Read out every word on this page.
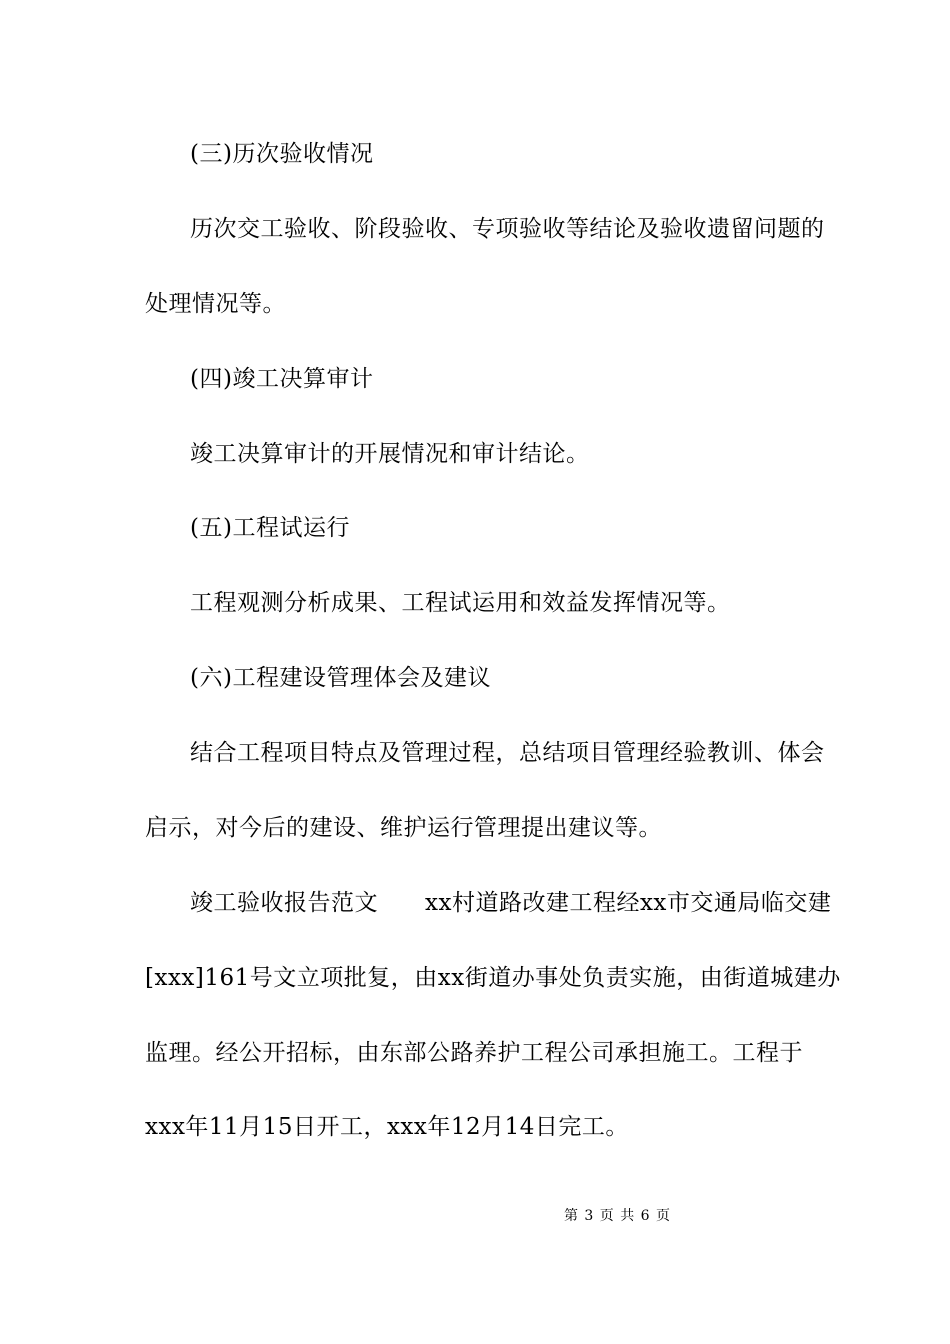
(三)历次验收情况
历次交工验收、阶段验收、专项验收等结论及验收遗留问题的
处理情况等。
(四)竣工决算审计
竣工决算审计的开展情况和审计结论。
(五)工程试运行
工程观测分析成果、工程试运用和效益发挥情况等。
(六)工程建设管理体会及建议
结合工程项目特点及管理过程，总结项目管理经验教训、体会
启示，对今后的建设、维护运行管理提出建议等。
竣工验收报告范文　　xx村道路改建工程经xx市交通局临交建
[xxx]161号文立项批复，由xx街道办事处负责实施，由街道城建办
监理。经公开招标，由东部公路养护工程公司承担施工。工程于
xxx年11月15日开工，xxx年12月14日完工。
第 3 页 共 6 页
